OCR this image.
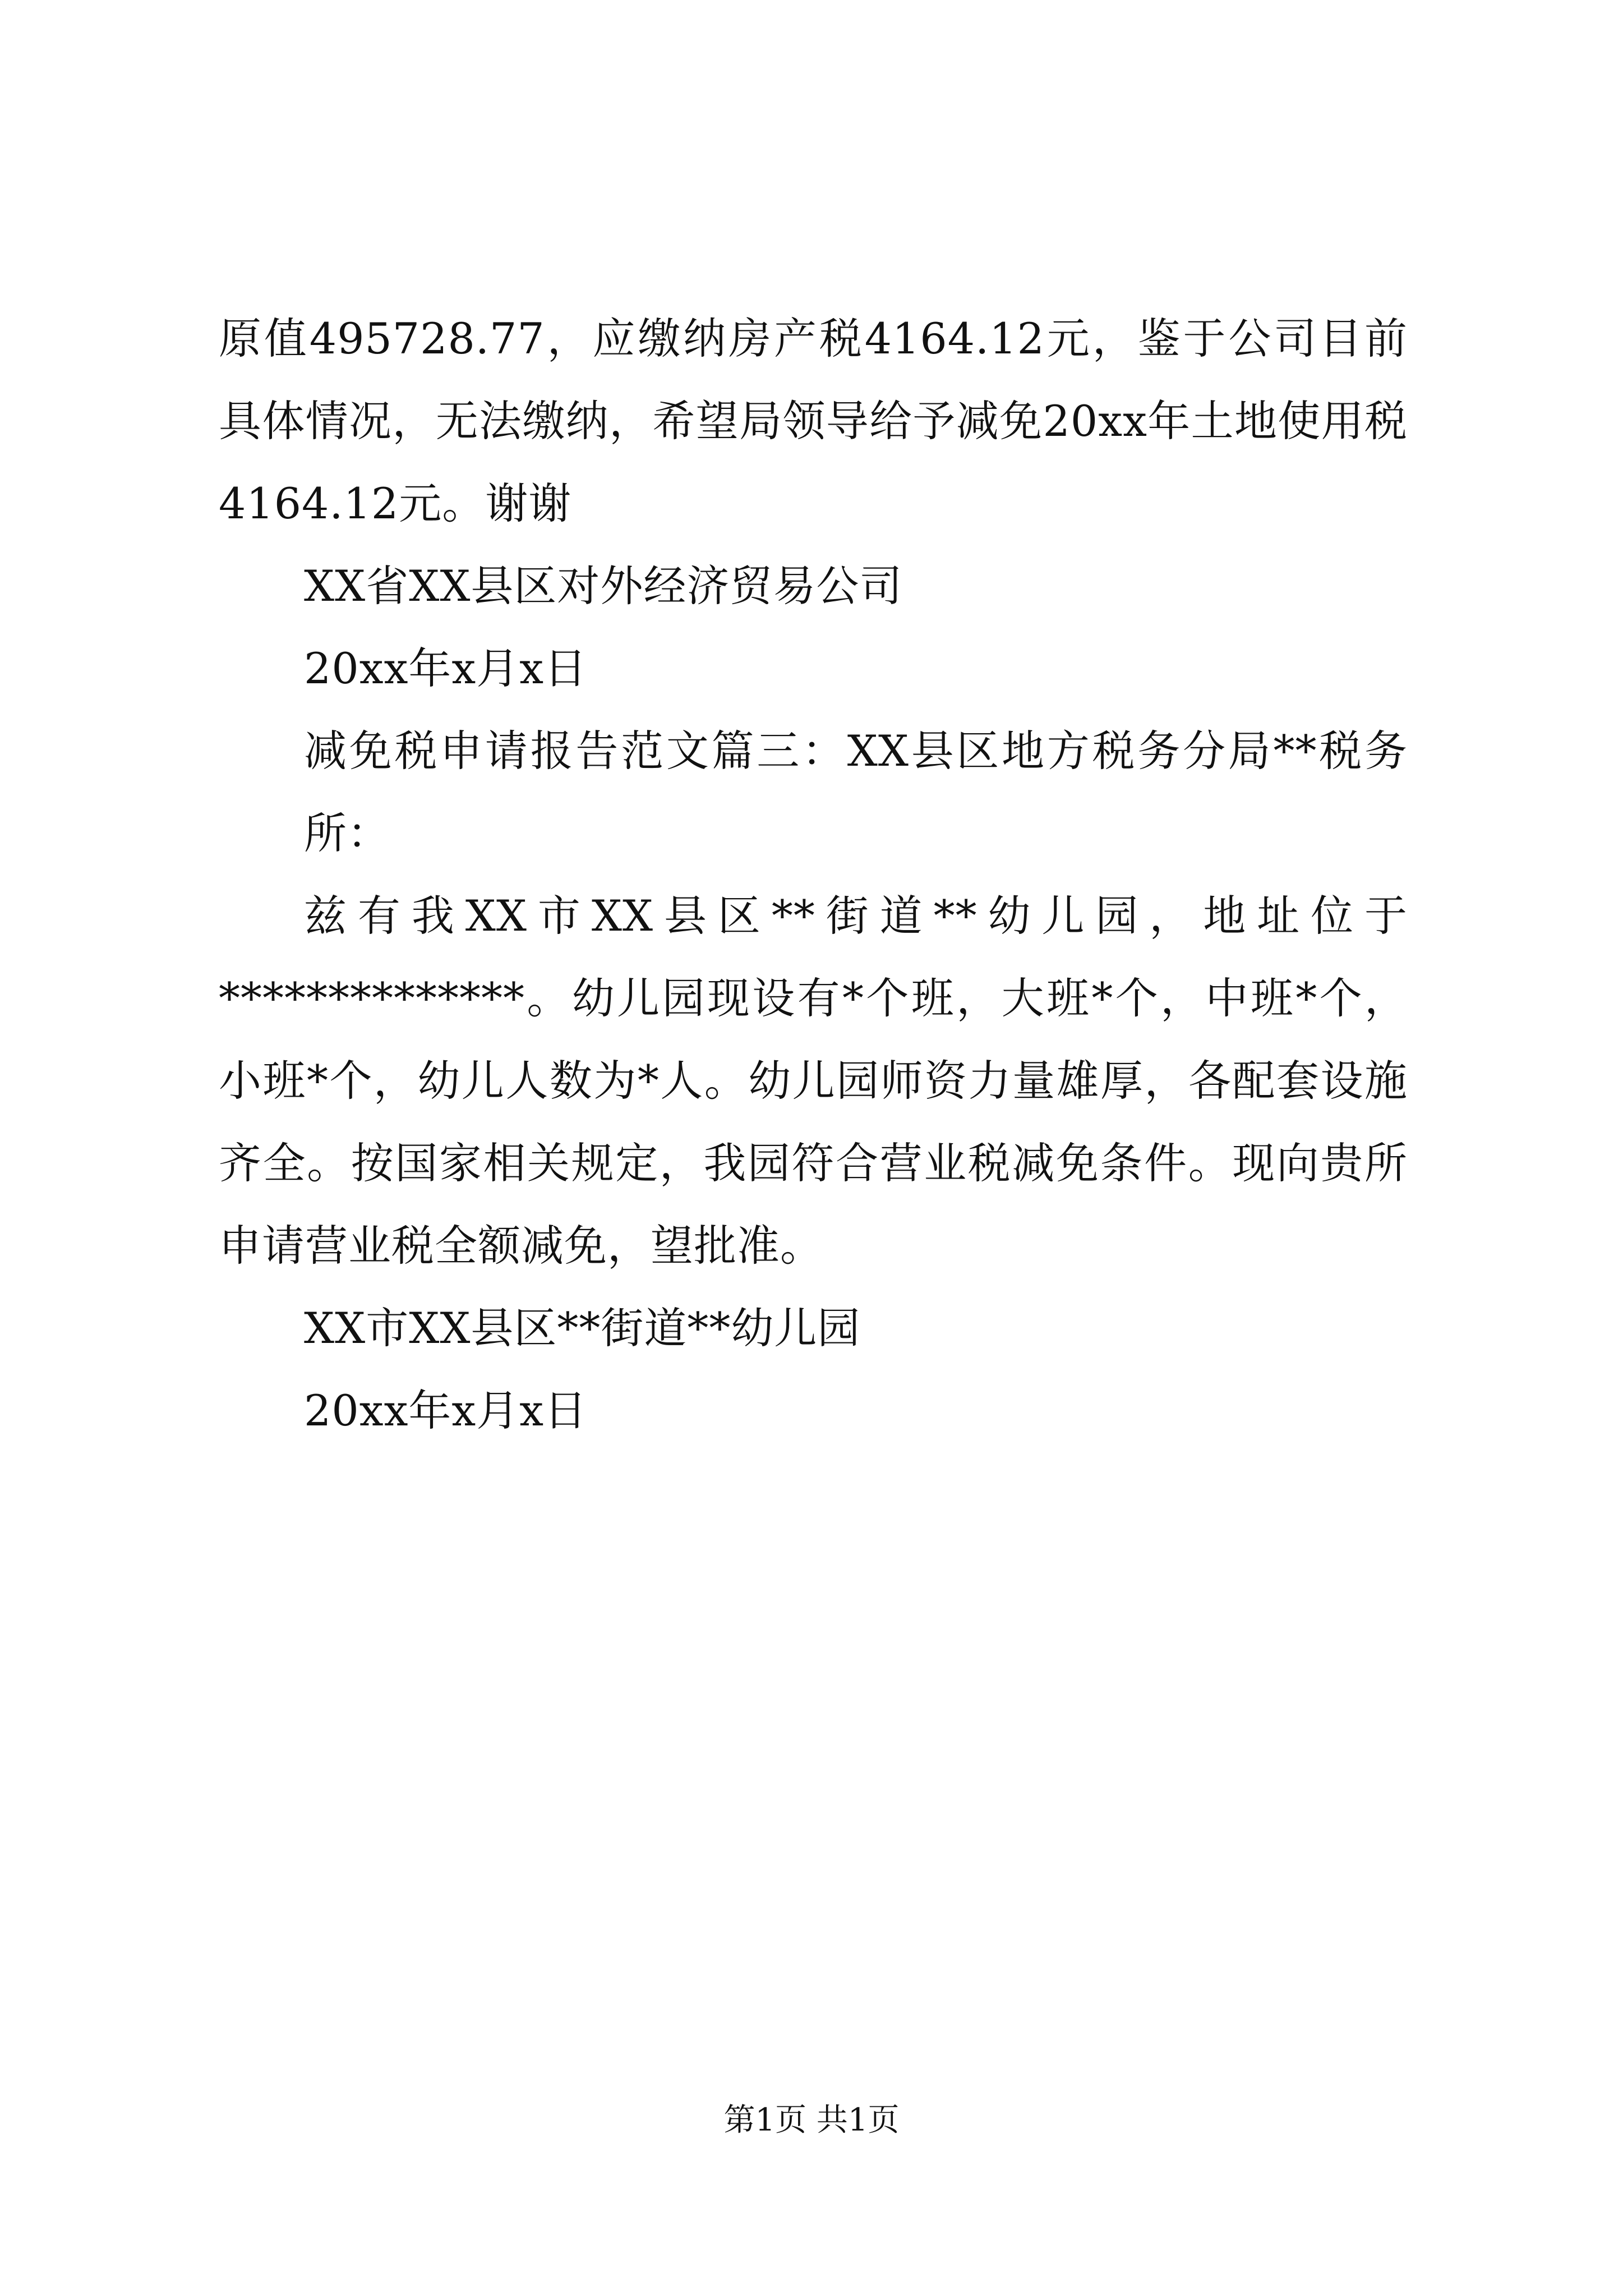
原值495728.77，应缴纳房产税4164.12元，鉴于公司目前具体情况，无法缴纳，希望局领导给予减免20xx年土地使用税4164.12元。谢谢

XX省XX县区对外经济贸易公司

20xx年x月x日

减免税申请报告范文篇三：XX县区地方税务分局**税务所：

兹有我XX市XX县区**街道**幼儿园，地址位于**************。幼儿园现设有*个班，大班*个，中班*个，小班*个，幼儿人数为*人。幼儿园师资力量雄厚，各配套设施齐全。按国家相关规定，我园符合营业税减免条件。现向贵所申请营业税全额减免，望批准。

XX市XX县区**街道**幼儿园

20xx年x月x日

第1页 共1页
